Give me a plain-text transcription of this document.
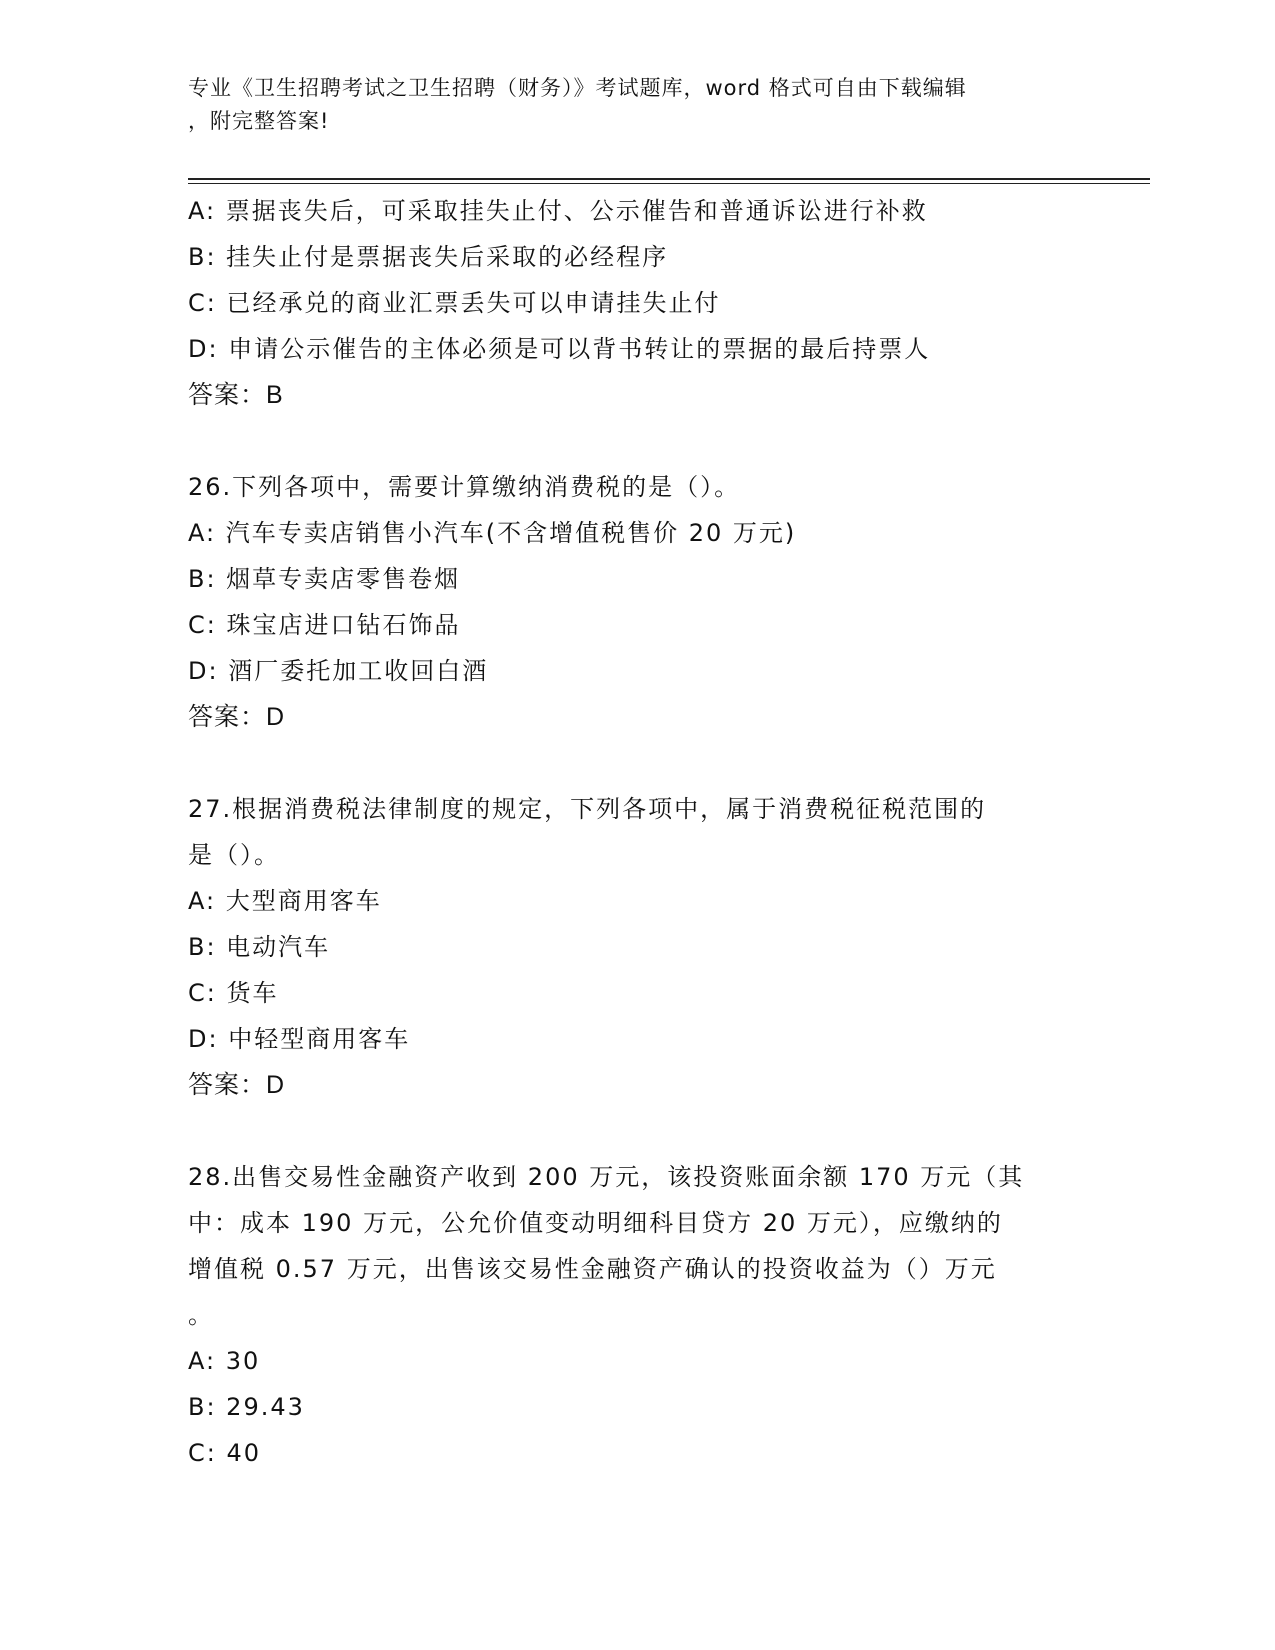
专业《卫生招聘考试之卫生招聘（财务）》考试题库，word 格式可自由下载编辑
，附完整答案!
A: 票据丧失后，可采取挂失止付、公示催告和普通诉讼进行补救
B: 挂失止付是票据丧失后采取的必经程序
C: 已经承兑的商业汇票丢失可以申请挂失止付
D: 申请公示催告的主体必须是可以背书转让的票据的最后持票人
答案：B
26.下列各项中，需要计算缴纳消费税的是（）。
A: 汽车专卖店销售小汽车(不含增值税售价 20 万元)
B: 烟草专卖店零售卷烟
C: 珠宝店进口钻石饰品
D: 酒厂委托加工收回白酒
答案：D
27.根据消费税法律制度的规定，下列各项中，属于消费税征税范围的
是（）。
A: 大型商用客车
B: 电动汽车
C: 货车
D: 中轻型商用客车
答案：D
28.出售交易性金融资产收到 200 万元，该投资账面余额 170 万元（其
中：成本 190 万元，公允价值变动明细科目贷方 20 万元），应缴纳的
增值税 0.57 万元，出售该交易性金融资产确认的投资收益为（）万元
。
A: 30
B: 29.43
C: 40
